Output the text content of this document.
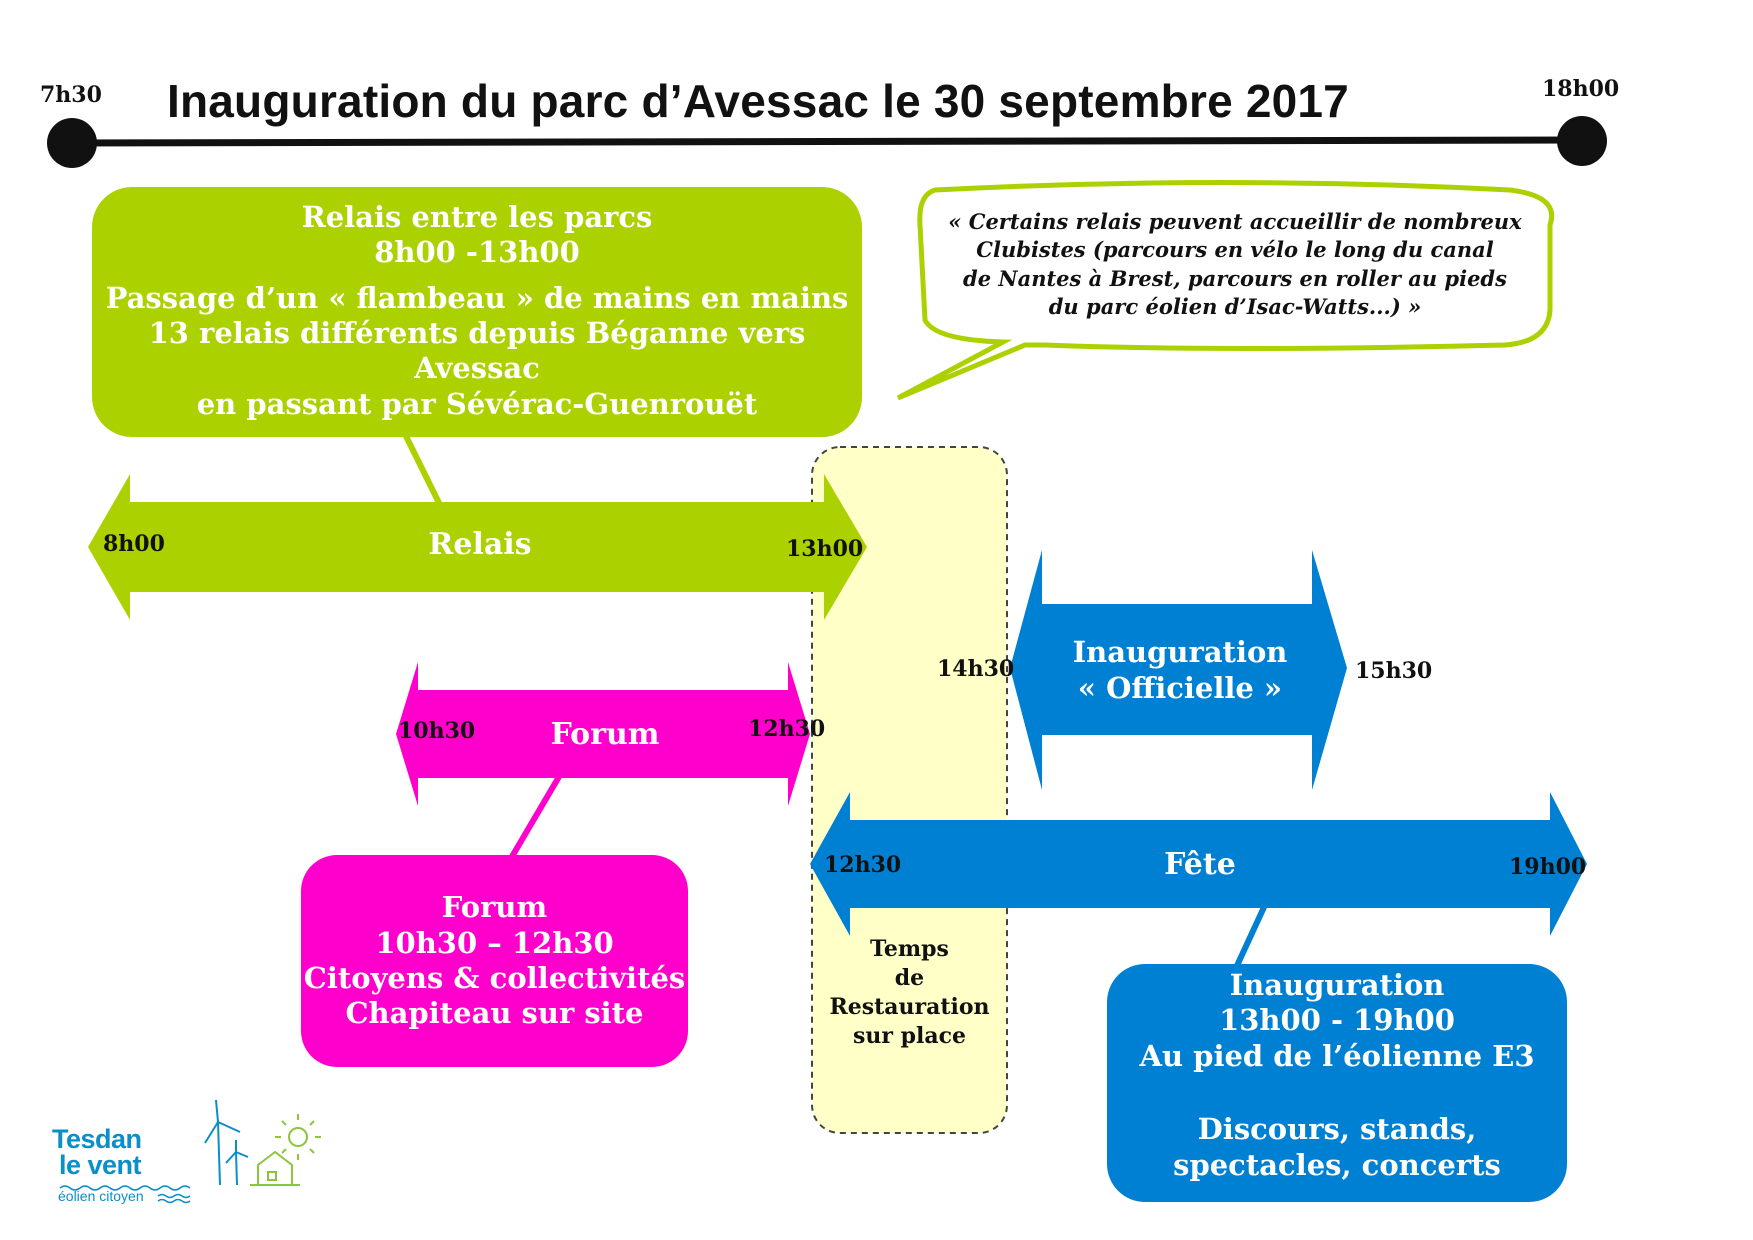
7h30	18h00
Inauguration du parc d’Avessac le 30 septembre 2017
Relais entre les parcs
8h00 -13h00
Passage d’un « flambeau » de mains en mains
13 relais différents depuis Béganne vers Avessac
en passant par Sévérac-Guenrouët
« Certains relais peuvent accueillir de nombreux
Clubistes (parcours en vélo le long du canal
de Nantes à Brest, parcours en roller au pieds
du parc éolien d’Isac-Watts...) »
Relais
8h00	13h00
Forum
10h30	12h30
Inauguration
« Officielle »
14h30	15h30
Fête
12h30	19h00
Forum
10h30 – 12h30
Citoyens & collectivités
Chapiteau sur site
Temps
de
Restauration
sur place
Inauguration
13h00 - 19h00
Au pied de l’éolienne E3
Discours, stands,
spectacles, concerts
Tesdan
le vent
éolien citoyen
